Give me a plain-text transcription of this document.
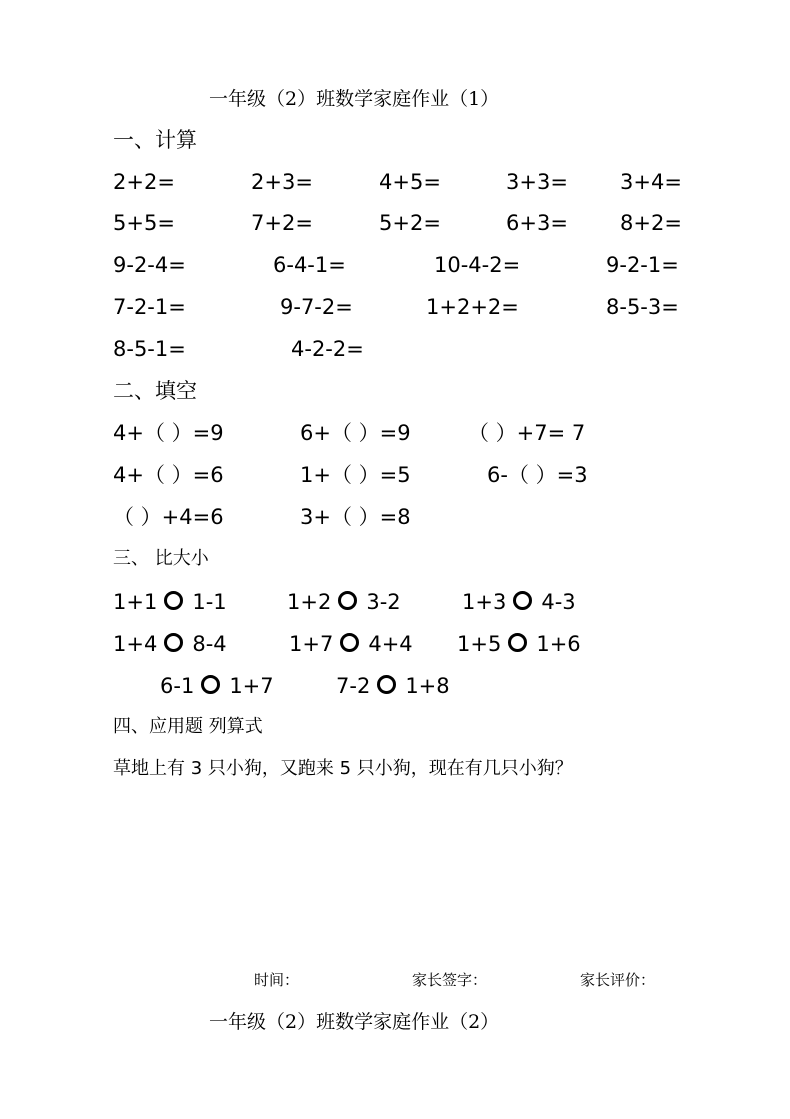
一年级（2）班数学家庭作业（1）
一、计算
2+2=	2+3=	4+5=	3+3= 3+4=
5+5=	7+2=	5+2=	6+3= 8+2=
9-2-4=	6-4-1=	10-4-2=	9-2-1=
7-2-1=	9-7-2=	1+2+2=	8-5-3=
8-5-1=	4-2-2=
二、填空
4+（ ）=9	6+（ ）=9	（ ）+7= 7
4+（ ）=6	1+（ ）=5	6-（ ）=3
（ ）+4=6	3+（ ）=8
三、 比大小
1+1 1-1	1+2 3-2	1+3 4-3
1+4 8-4	1+7 4+4 1+5 1+6
6-1 1+7	7-2 1+8
四、应用题 列算式
草地上有 3 只小狗，又跑来 5 只小狗，现在有几只小狗？
时间：	家长签字：	家长评价：
一年级（2）班数学家庭作业（2）
